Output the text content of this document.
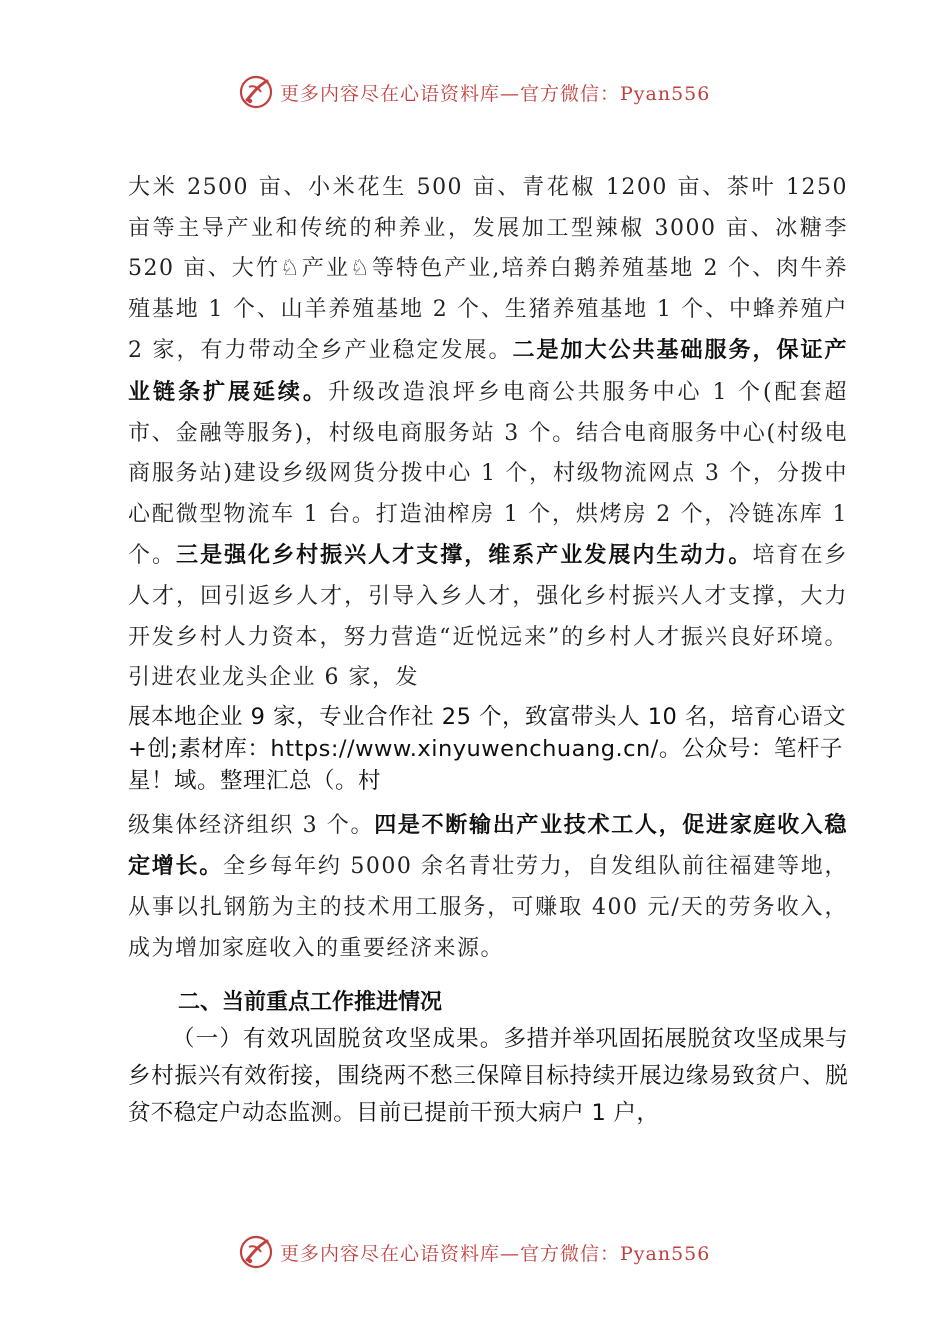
更多内容尽在心语资料库—官方微信：Pyan556
大米 2500 亩、小米花生 500 亩、青花椒 1200 亩、茶叶 1250 亩等主导产业和传统的种养业，发展加工型辣椒 3000 亩、冰糖李 520 亩、大竹♘产业♘等特色产业,培养白鹅养殖基地 2 个、肉牛养殖基地 1 个、山羊养殖基地 2 个、生猪养殖基地 1 个、中蜂养殖户 2 家，有力带动全乡产业稳定发展。二是加大公共基础服务，保证产业链条扩展延续。升级改造浪坪乡电商公共服务中心 1 个(配套超市、金融等服务)，村级电商服务站 3 个。结合电商服务中心(村级电商服务站)建设乡级网货分拨中心 1 个，村级物流网点 3 个，分拨中心配微型物流车 1 台。打造油榨房 1 个，烘烤房 2 个，冷链冻库 1 个。三是强化乡村振兴人才支撑，维系产业发展内生动力。培育在乡人才，回引返乡人才，引导入乡人才，强化乡村振兴人才支撑，大力开发乡村人力资本，努力营造“近悦远来”的乡村人才振兴良好环境。引进农业龙头企业 6 家，发
展本地企业 9 家，专业合作社 25 个，致富带头人 10 名，培育心语文+创;素材库：https://www.xinyuwenchuang.cn/。公众号：笔杆子星！域。整理汇总（。村
级集体经济组织 3 个。四是不断输出产业技术工人，促进家庭收入稳定增长。全乡每年约 5000 余名青壮劳力，自发组队前往福建等地，从事以扎钢筋为主的技术用工服务，可赚取 400 元/天的劳务收入，成为增加家庭收入的重要经济来源。
二、当前重点工作推进情况
（一）有效巩固脱贫攻坚成果。多措并举巩固拓展脱贫攻坚成果与乡村振兴有效衔接，围绕两不愁三保障目标持续开展边缘易致贫户、脱贫不稳定户动态监测。目前已提前干预大病户 1 户，
更多内容尽在心语资料库—官方微信：Pyan556
